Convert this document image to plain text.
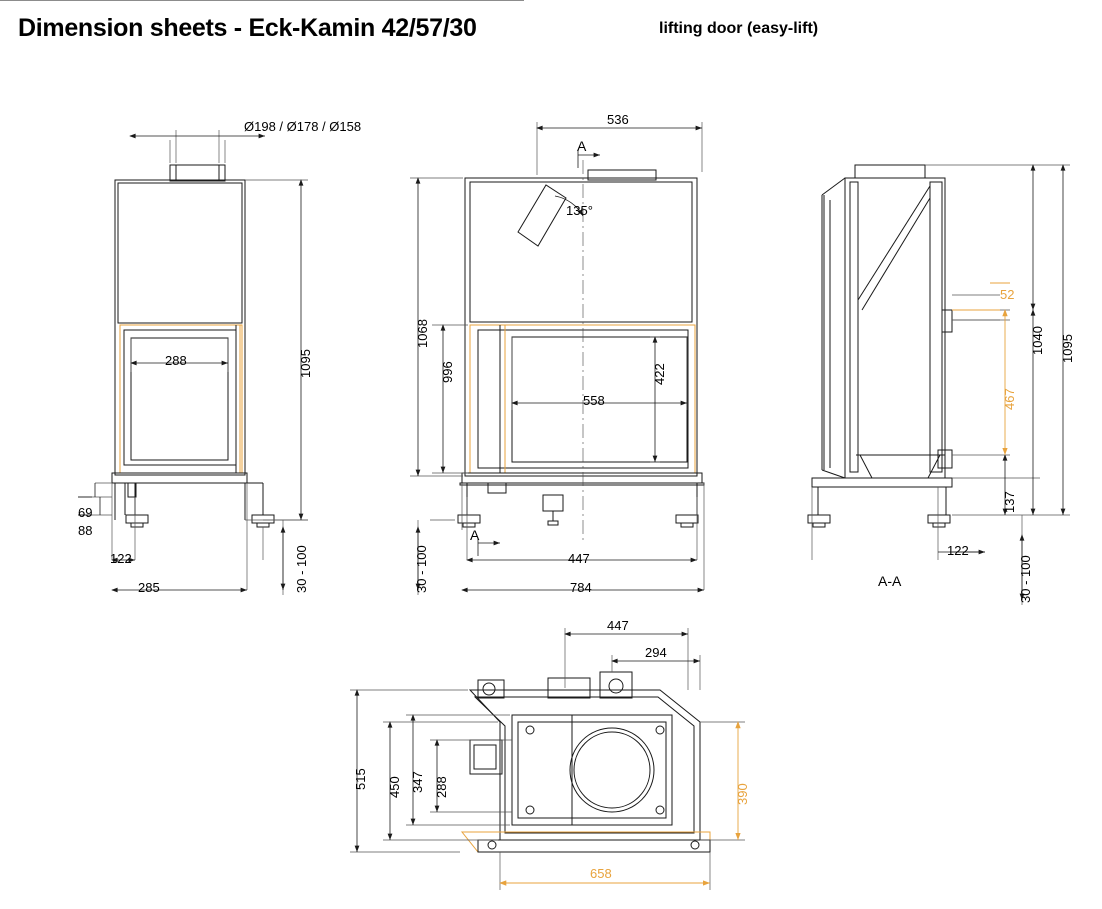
Dimension sheets - Eck-Kamin 42/57/30	lifting door (easy-lift)
Ø198 / Ø178 / Ø158
1095
288
69
88
122
285	30 - 100
536
A
A
135°
1068
996	422
558
447
784
30 - 100
52
1040 1095
467
137
122
30 - 100
A-A
447
294
515 450 347 288	390
658
